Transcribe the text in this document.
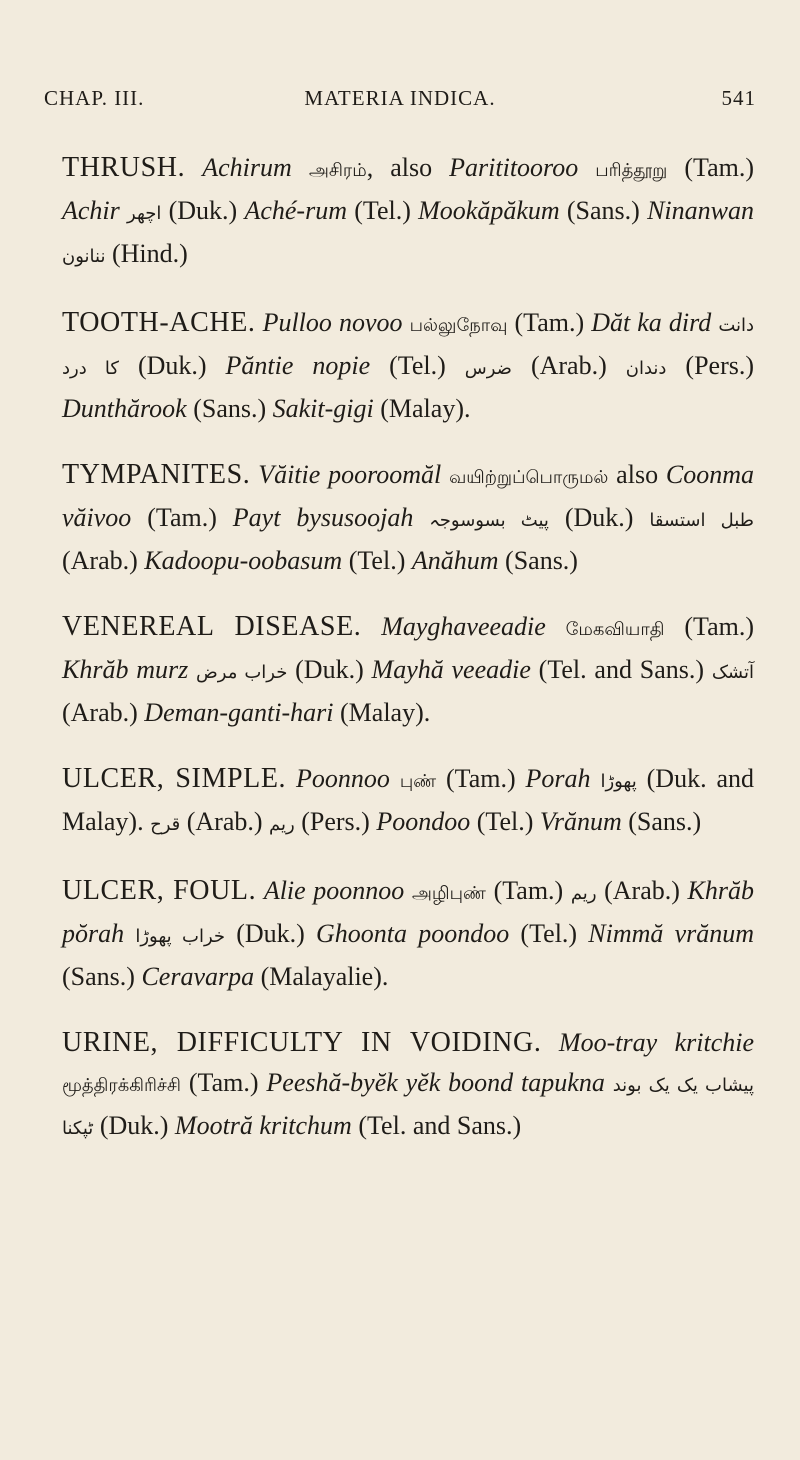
CHAP. III.	MATERIA INDICA.	541

THRUSH. Achirum அசிரம், also Parititooroo பரித்தூறு (Tam.) Achir اچھر (Duk.) Aché-rum (Tel.) Mookăpăkum (Sans.) Ninanwan ننانون (Hind.)

TOOTH-ACHE. Pulloo novoo பல்லுநோவு (Tam.) Dăt ka dird دانت کا درد (Duk.) Păntie nopie (Tel.) ضرس (Arab.) دندان (Pers.) Dunthărook (Sans.) Sakit-gigi (Malay).

TYMPANITES. Văitie pooroomăl வயிற்றுப்பொருமல் also Coonma văivoo (Tam.) Payt bysusoojah پیٹ بسوسوجہ (Duk.) طبل استسقا (Arab.) Kadoopu-oobasum (Tel.) Anăhum (Sans.)

VENEREAL DISEASE. Mayghaveeadie மேகவியாதி (Tam.) Khrăb murz خراب مرض (Duk.) Mayhă veeadie (Tel. and Sans.) آتشک (Arab.) Deman-ganti-hari (Malay).

ULCER, SIMPLE. Poonnoo புண் (Tam.) Porah پھوڑا (Duk. and Malay). قرح (Arab.) ریم (Pers.) Poondoo (Tel.) Vrănum (Sans.)

ULCER, FOUL. Alie poonnoo அழிபுண் (Tam.) ريم (Arab.) Khrăb pŏrah خراب پھوڑا (Duk.) Ghoonta poondoo (Tel.) Nimmă vrănum (Sans.) Ceravarpa (Malayalie).

URINE, DIFFICULTY IN VOIDING. Moo-tray kritchie மூத்திரக்கிரிச்சி (Tam.) Peeshă-byĕk yĕk boond tapukna پیشاب یک یک بوند ٹپکنا (Duk.) Mootră kritchum (Tel. and Sans.)
